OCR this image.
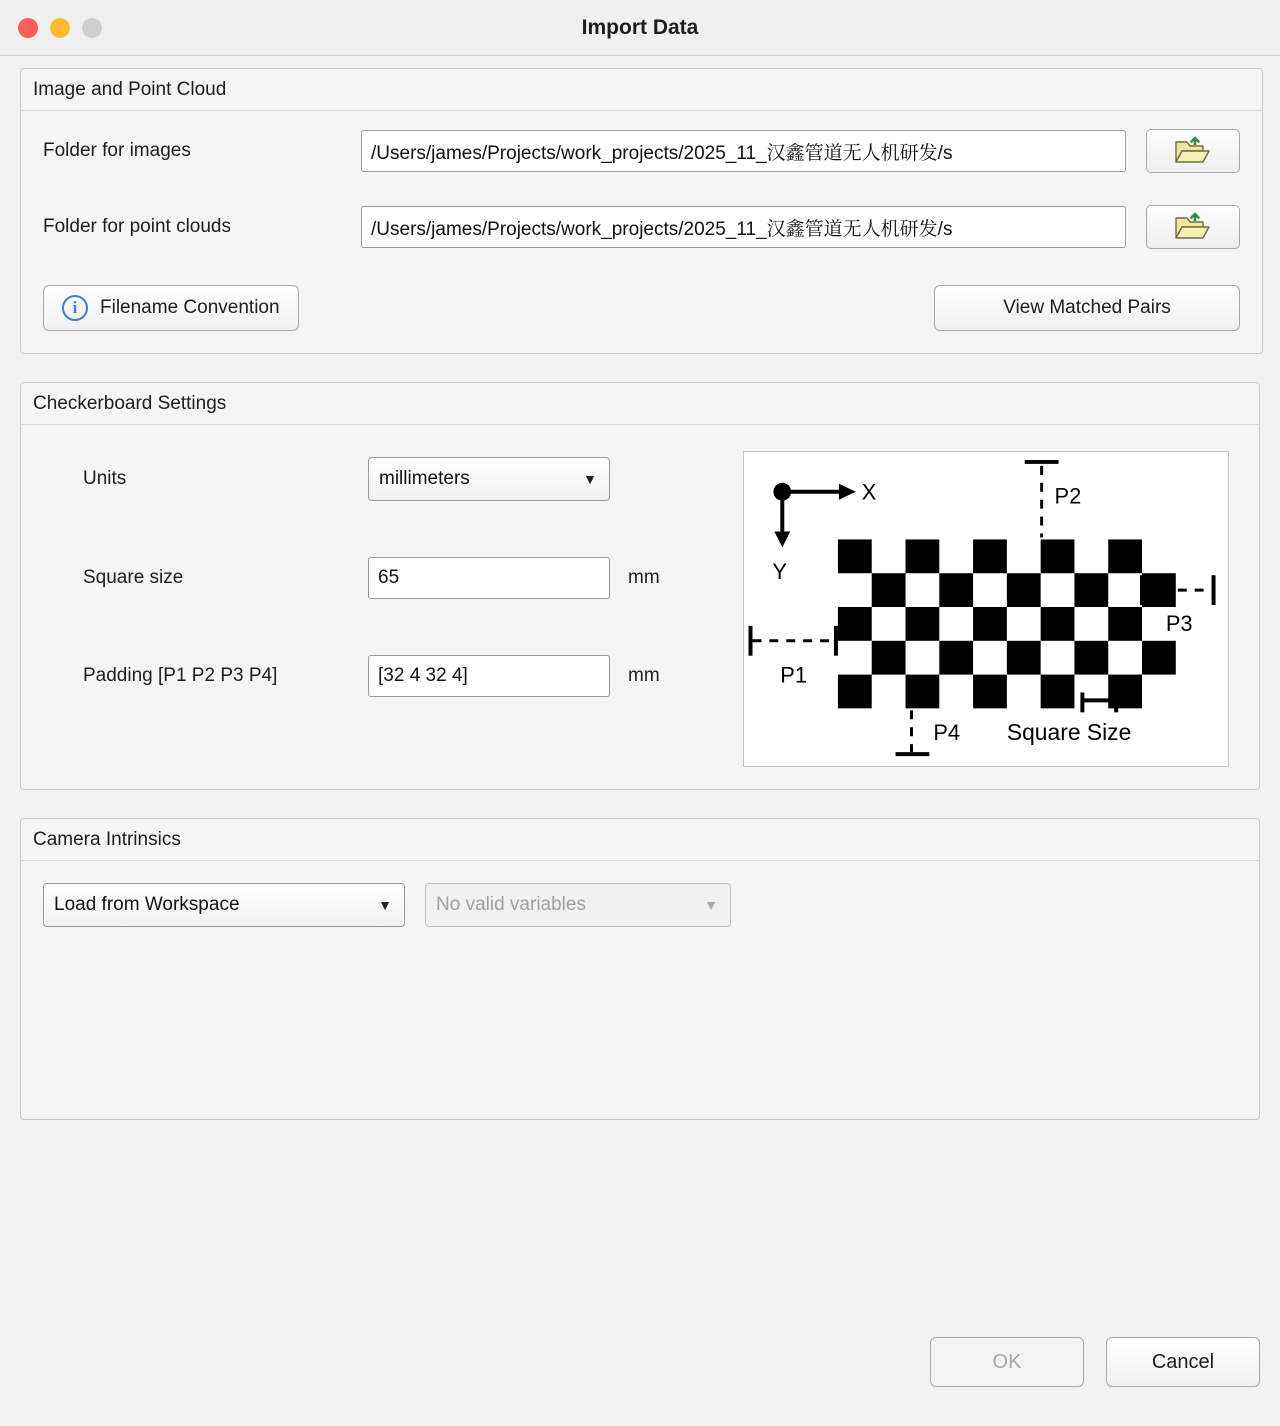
Import Data
Image and Point Cloud
Folder for images	/Users/james/Projects/work_projects/2025_11_汉鑫管道无人机研发/s
Folder for point clouds	/Users/james/Projects/work_projects/2025_11_汉鑫管道无人机研发/s
i	Filename Convention	View Matched Pairs
Checkerboard Settings
Units	millimeters	▼
Square size	65	mm
Padding [P1 P2 P3 P4]	[32 4 32 4]	mm
X
Y
P2
P3
P1
P4 Square Size
Camera Intrinsics
Load from Workspace	▼ No valid variables	▼
OK	Cancel
